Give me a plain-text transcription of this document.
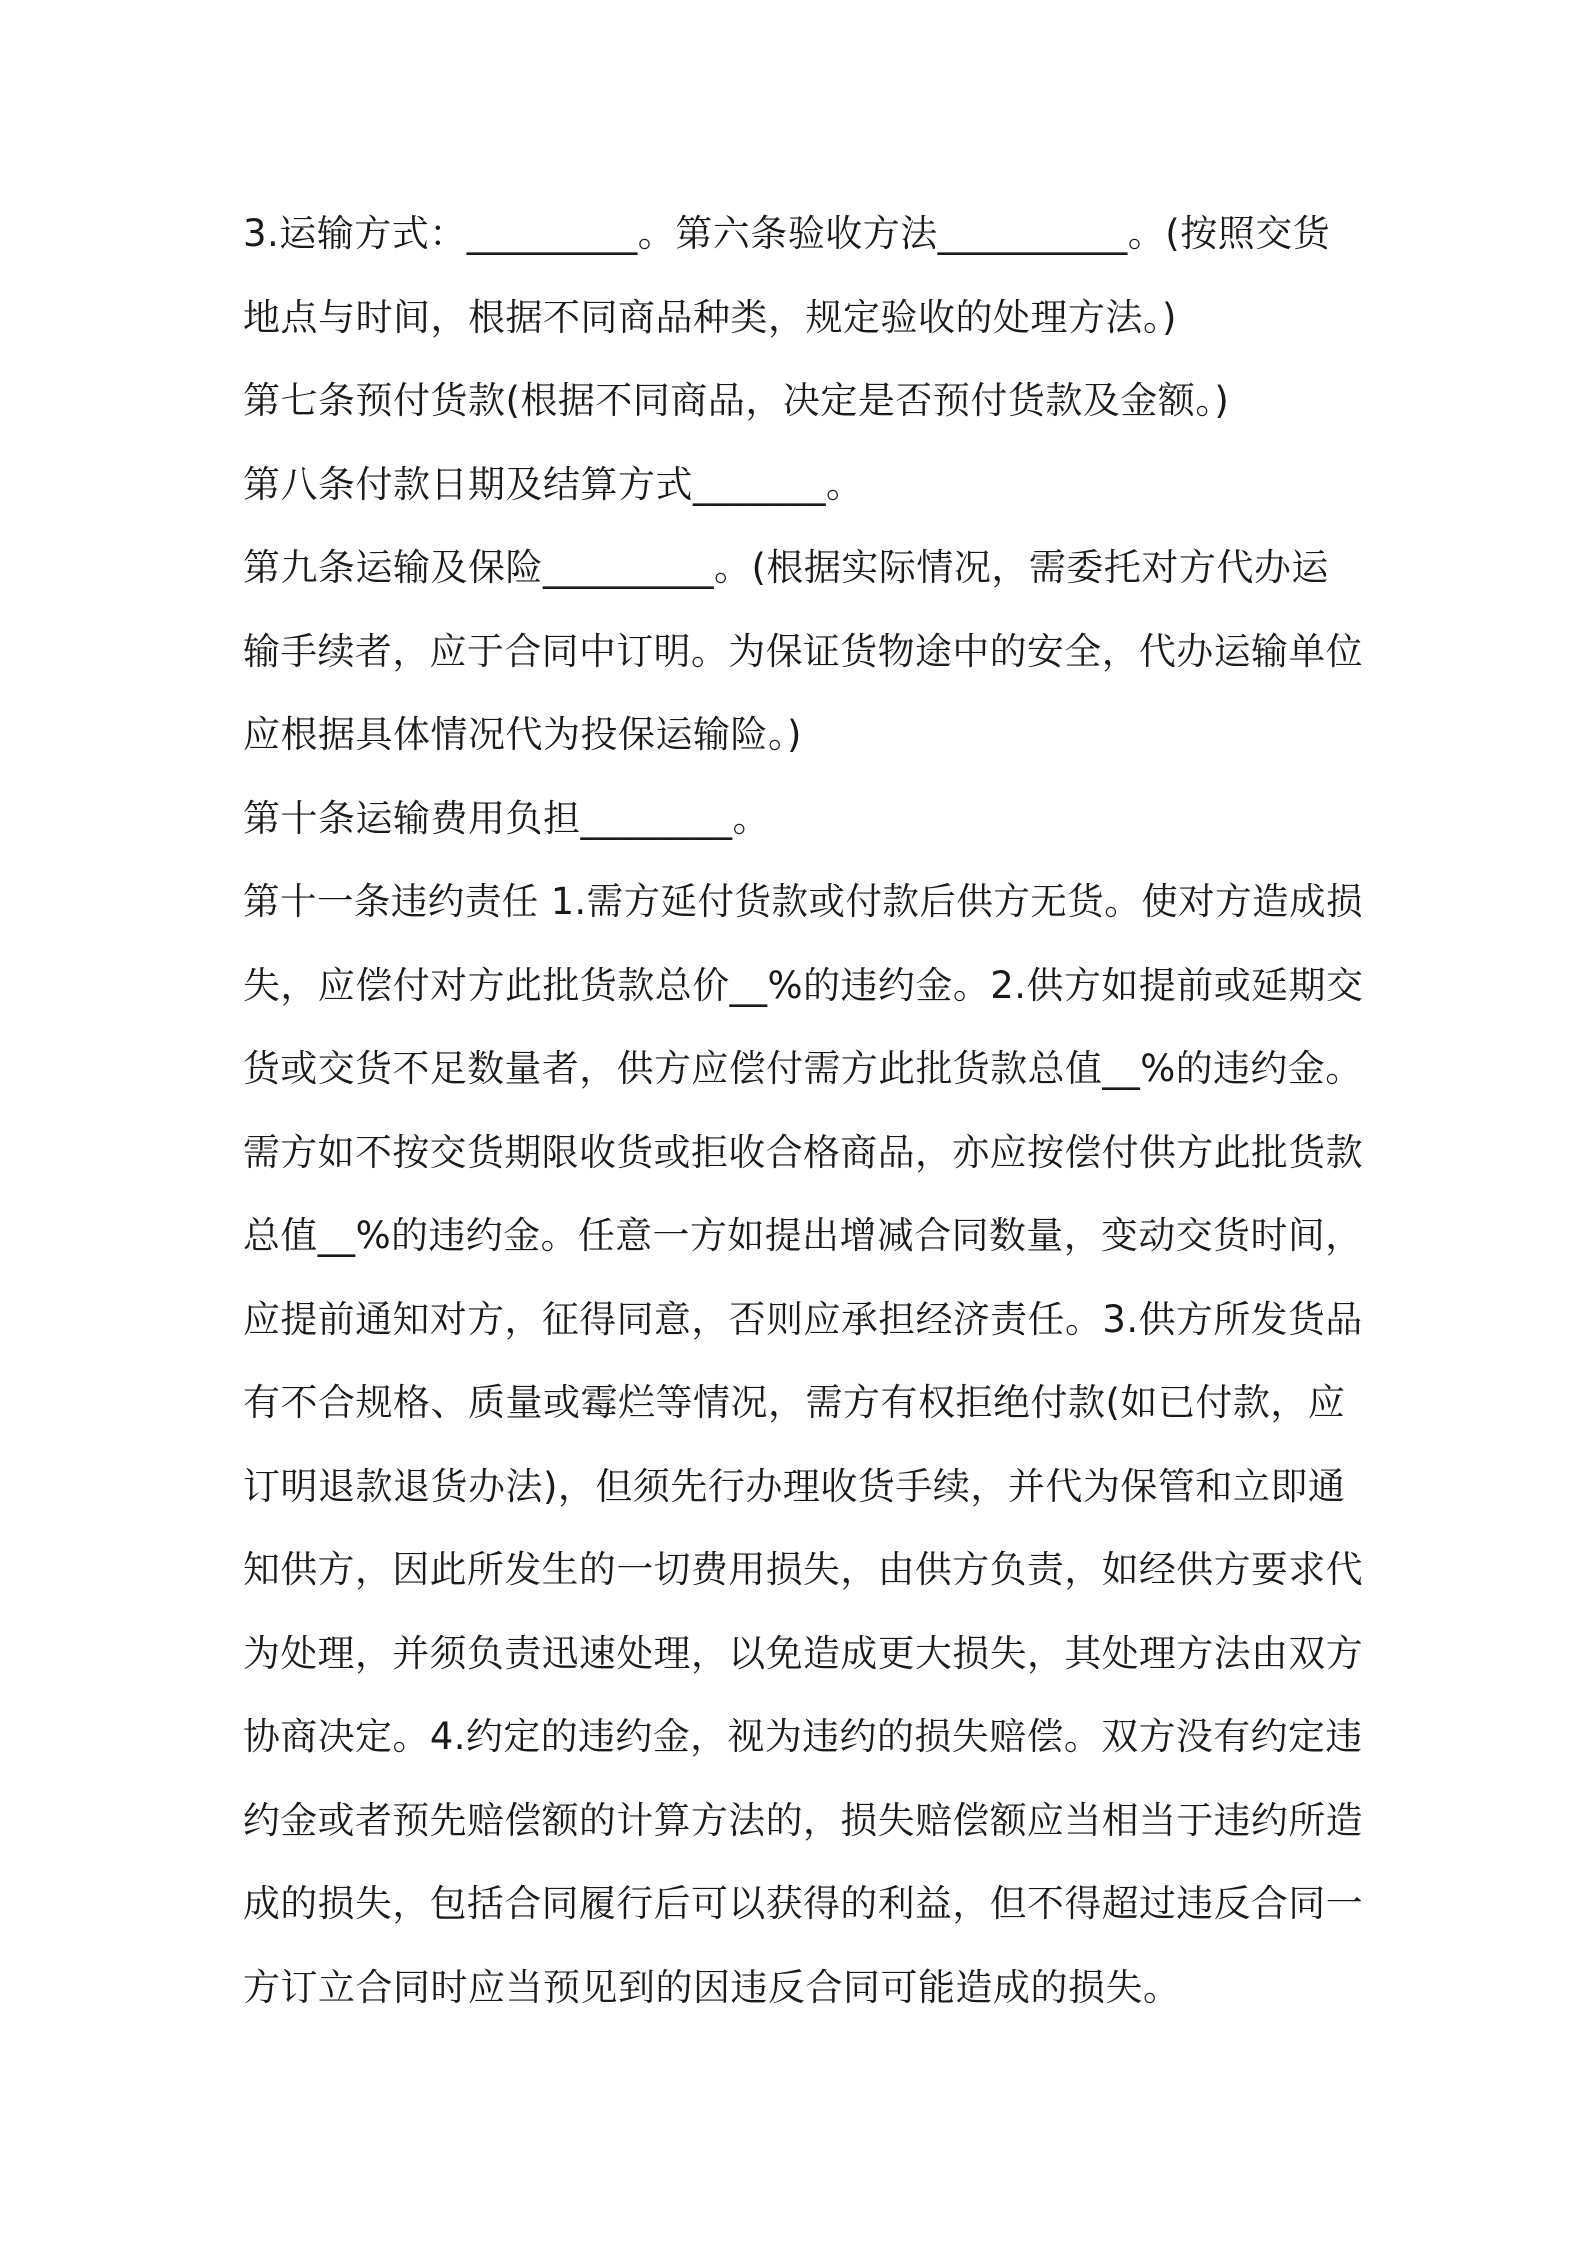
3.运输方式：_________。第六条验收方法__________。(按照交货
地点与时间，根据不同商品种类，规定验收的处理方法。)
第七条预付货款(根据不同商品，决定是否预付货款及金额。)
第八条付款日期及结算方式_______。
第九条运输及保险_________。(根据实际情况，需委托对方代办运
输手续者，应于合同中订明。为保证货物途中的安全，代办运输单位
应根据具体情况代为投保运输险。)
第十条运输费用负担________。
第十一条违约责任 1.需方延付货款或付款后供方无货。使对方造成损
失，应偿付对方此批货款总价__%的违约金。2.供方如提前或延期交
货或交货不足数量者，供方应偿付需方此批货款总值__%的违约金。
需方如不按交货期限收货或拒收合格商品，亦应按偿付供方此批货款
总值__%的违约金。任意一方如提出增减合同数量，变动交货时间，
应提前通知对方，征得同意，否则应承担经济责任。3.供方所发货品
有不合规格、质量或霉烂等情况，需方有权拒绝付款(如已付款，应
订明退款退货办法)，但须先行办理收货手续，并代为保管和立即通
知供方，因此所发生的一切费用损失，由供方负责，如经供方要求代
为处理，并须负责迅速处理，以免造成更大损失，其处理方法由双方
协商决定。4.约定的违约金，视为违约的损失赔偿。双方没有约定违
约金或者预先赔偿额的计算方法的，损失赔偿额应当相当于违约所造
成的损失，包括合同履行后可以获得的利益，但不得超过违反合同一
方订立合同时应当预见到的因违反合同可能造成的损失。
